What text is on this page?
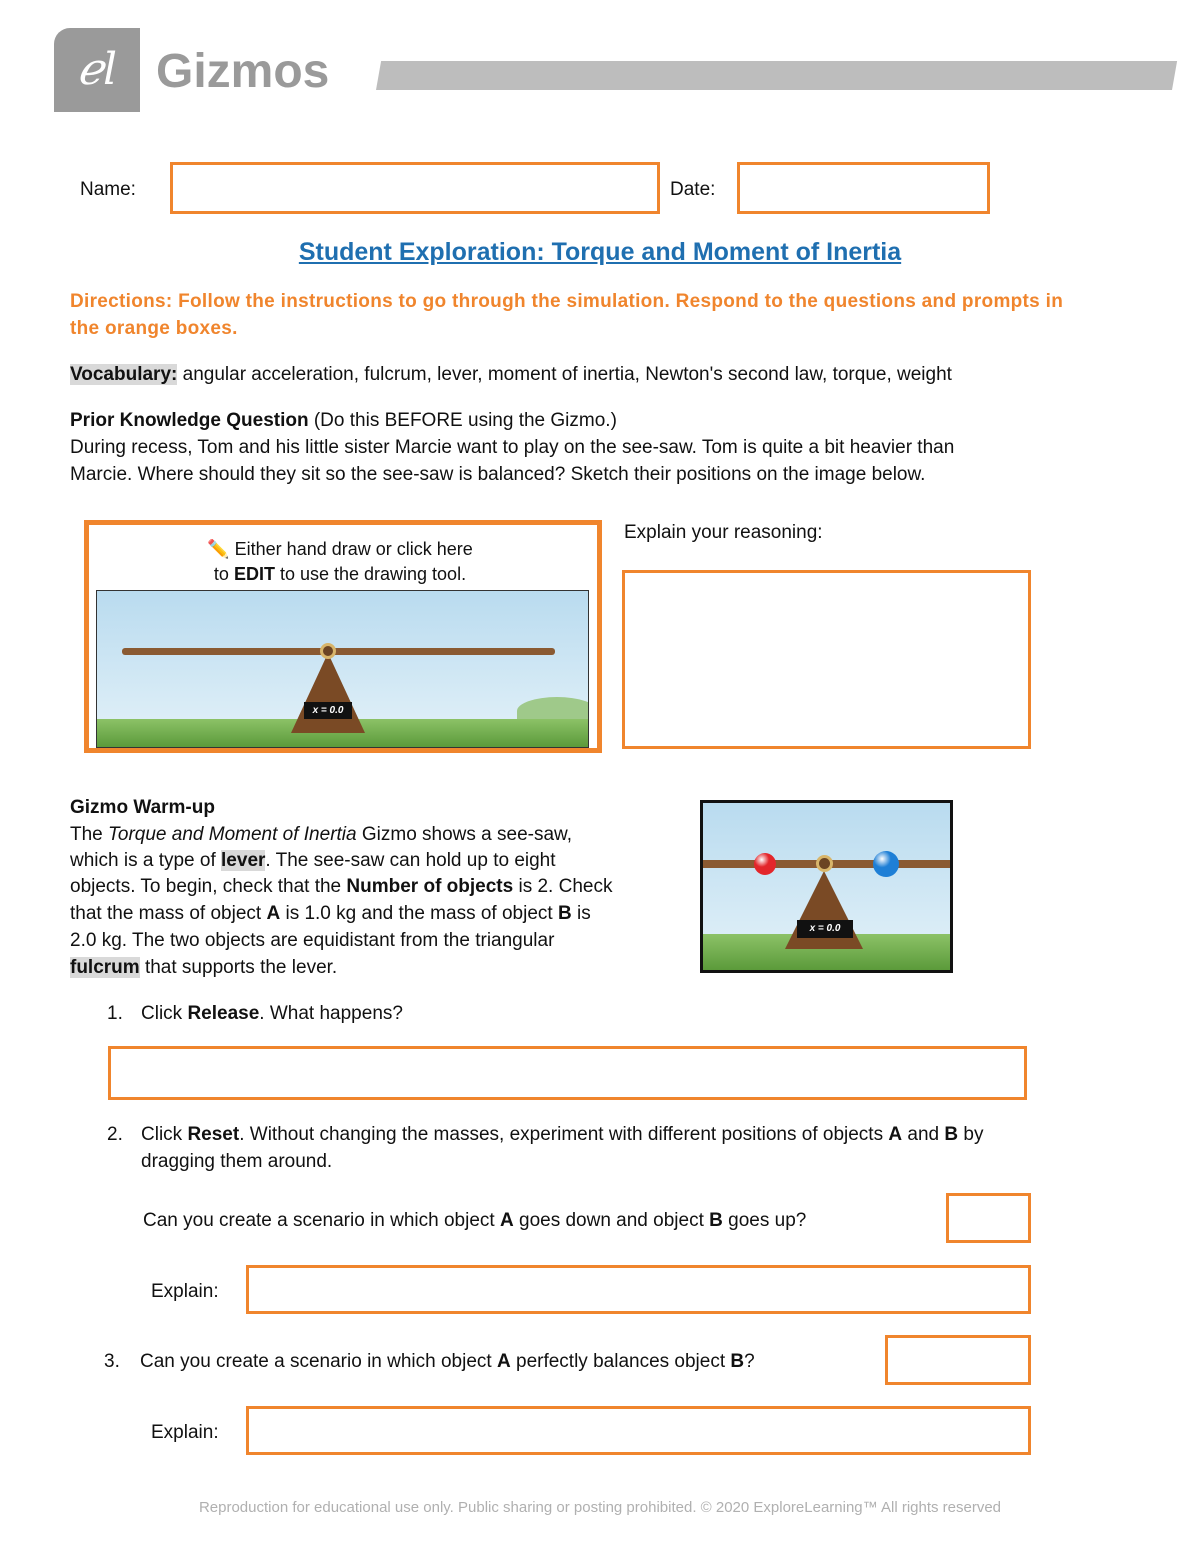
ℯl Gizmos
Name:	Date:
Student Exploration: Torque and Moment of Inertia
Directions: Follow the instructions to go through the simulation. Respond to the questions and prompts in the orange boxes.
Vocabulary: angular acceleration, fulcrum, lever, moment of inertia, Newton's second law, torque, weight
Prior Knowledge Question (Do this BEFORE using the Gizmo.)
During recess, Tom and his little sister Marcie want to play on the see-saw. Tom is quite a bit heavier than
Marcie. Where should they sit so the see-saw is balanced? Sketch their positions on the image below.
✏️ Either hand draw or click here
to EDIT to use the drawing tool.
x = 0.0
Explain your reasoning:
Gizmo Warm-up
The Torque and Moment of Inertia Gizmo shows a see-saw,
which is a type of lever. The see-saw can hold up to eight
objects. To begin, check that the Number of objects is 2. Check
that the mass of object A is 1.0 kg and the mass of object B is
2.0 kg. The two objects are equidistant from the triangular
fulcrum that supports the lever.
x = 0.0
1. Click Release. What happens?
2. Click Reset. Without changing the masses, experiment with different positions of objects A and B by
dragging them around.
Can you create a scenario in which object A goes down and object B goes up?
Explain:
3. Can you create a scenario in which object A perfectly balances object B?
Explain:
Reproduction for educational use only. Public sharing or posting prohibited. © 2020 ExploreLearning™ All rights reserved
